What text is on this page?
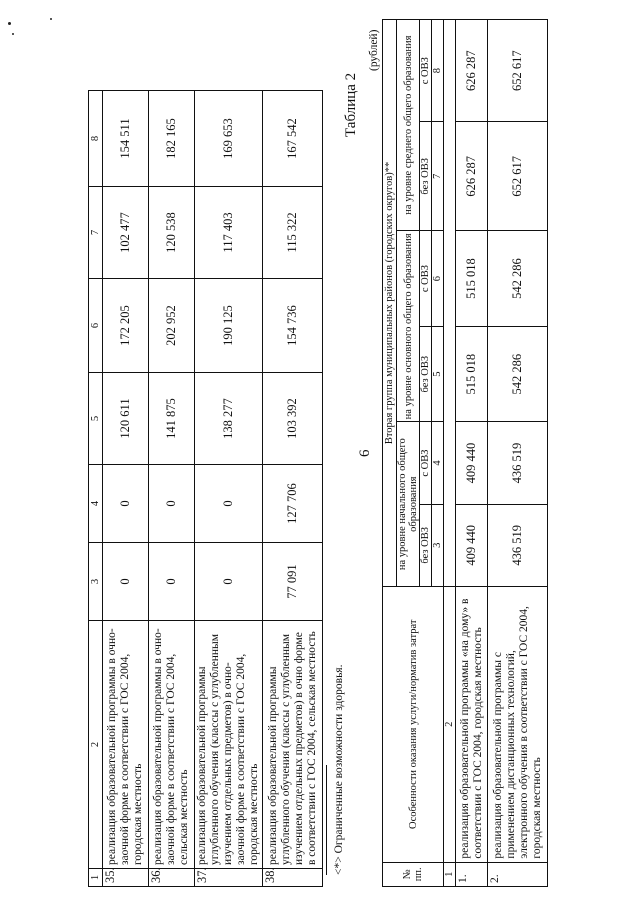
6
1	2	3	4	5	6	7	8
35.	реализация образовательной программы в очно-заочной форме в соответствии с ГОС 2004, городская местность	0	0	120 611	172 205	102 477	154 511
36.	реализация образовательной программы в очно-заочной форме в соответствии с ГОС 2004, сельская местность	0	0	141 875	202 952	120 538	182 165
37.	реализация образовательной программы углубленного обучения (классы с углубленным изучением отдельных предметов) в очно-заочной форме в соответствии с ГОС 2004, городская местность	0	0	138 277	190 125	117 403	169 653
38.	реализация образовательной программы углубленного обучения (классы с углубленным изучением отдельных предметов) в очно форме в соответствии с ГОС 2004, сельская местность	77 091	127 706	103 392	154 736	115 322	167 542
<*> Ограниченные возможности здоровья.
Таблица 2
(рублей)
№ пп.	Особенности оказания услуги/норматив затрат	Вторая группа муниципальных районов (городских округов)**					
		на уровне начального общего образования		на уровне основного общего образования		на уровне среднего общего образования	
		без ОВЗ	с ОВЗ	без ОВЗ	с ОВЗ	без ОВЗ	с ОВЗ
		3	4	5	6	7	8
1	2						
1.	реализация образовательной программы «на дому» в соответствии с ГОС 2004, городская местность	409 440	409 440	515 018	515 018	626 287	626 287
2.	реализация образовательной программы с применением дистанционных технологий, электронного обучения в соответствии с ГОС 2004, городская местность	436 519	436 519	542 286	542 286	652 617	652 617
